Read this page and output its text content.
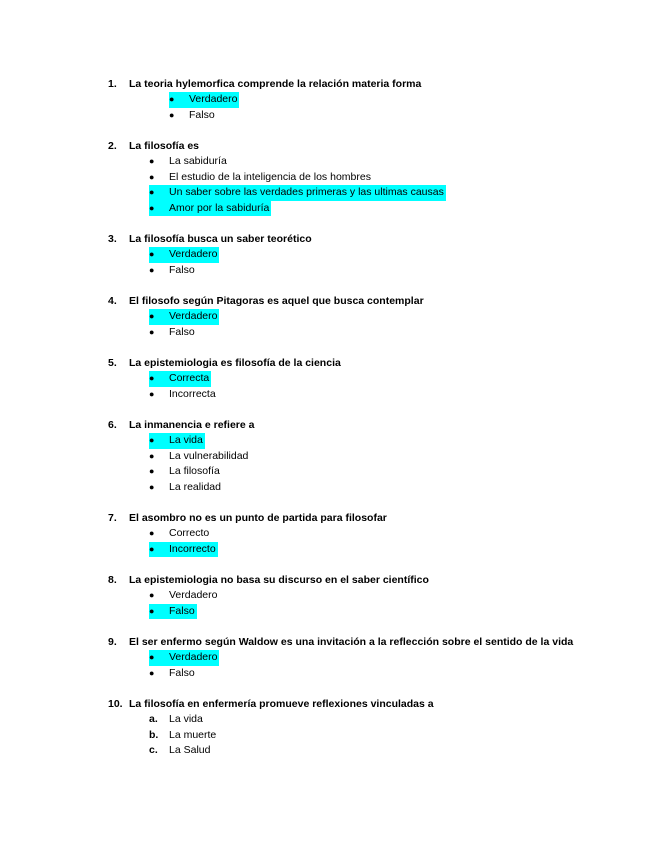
1.	La teoria hylemorfica comprende la relación materia forma
● Verdadero
● Falso
2.	La filosofía es
● La sabiduría
● El estudio de la inteligencia de los hombres
● Un saber sobre las verdades primeras y las ultimas causas
● Amor por la sabiduría
3.	La filosofía busca un saber teorético
● Verdadero
● Falso
4.	El filosofo según Pitagoras es aquel que busca contemplar
● Verdadero
● Falso
5.	La epistemiologia es filosofía de la ciencia
● Correcta
● Incorrecta
6.	La inmanencia e refiere a
● La vida
● La vulnerabilidad
● La filosofía
● La realidad
7.	El asombro no es un punto de partida para filosofar
● Correcto
● Incorrecto
8.	La epistemiologia no basa su discurso en el saber científico
● Verdadero
● Falso
9.	El ser enfermo según Waldow es una invitación a la reflección sobre el sentido de la vida
● Verdadero
● Falso
10. La filosofía en enfermería promueve reflexiones vinculadas a
a. La vida
b. La muerte
c. La Salud
